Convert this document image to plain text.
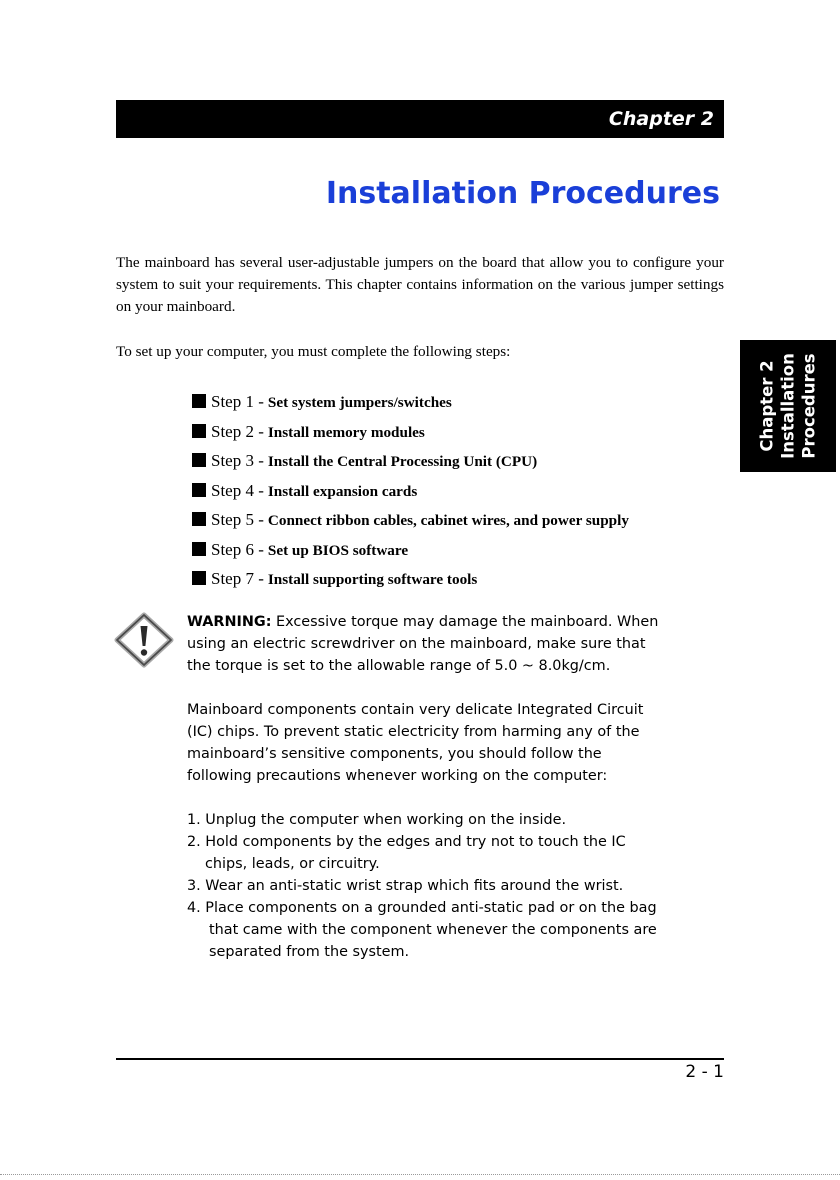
Chapter 2
Installation Procedures

The mainboard has several user-adjustable jumpers on the board that allow you to configure your system to suit your requirements. This chapter contains information on the various jumper settings on your mainboard.

To set up your computer, you must complete the following steps:

Step 1 - Set system jumpers/switches
Step 2 - Install memory modules
Step 3 - Install the Central Processing Unit (CPU)
Step 4 - Install expansion cards
Step 5 - Connect ribbon cables, cabinet wires, and power supply
Step 6 - Set up BIOS software
Step 7 - Install supporting software tools

WARNING: Excessive torque may damage the mainboard. When

using an electric screwdriver on the mainboard, make sure that

the torque is set to the allowable range of 5.0 ~ 8.0kg/cm.

Mainboard components contain very delicate Integrated Circuit

(IC) chips. To prevent static electricity from harming any of the

mainboard’s sensitive components, you should follow the

following precautions whenever working on the computer:

1. Unplug the computer when working on the inside.

2. Hold components by the edges and try not to touch the IC

chips, leads, or circuitry.

3. Wear an anti-static wrist strap which fits around the wrist.

4. Place components on a grounded anti-static pad or on the bag

that came with the component whenever the components are

separated from the system.

Chapter 2 Installation Procedures
2 - 1
